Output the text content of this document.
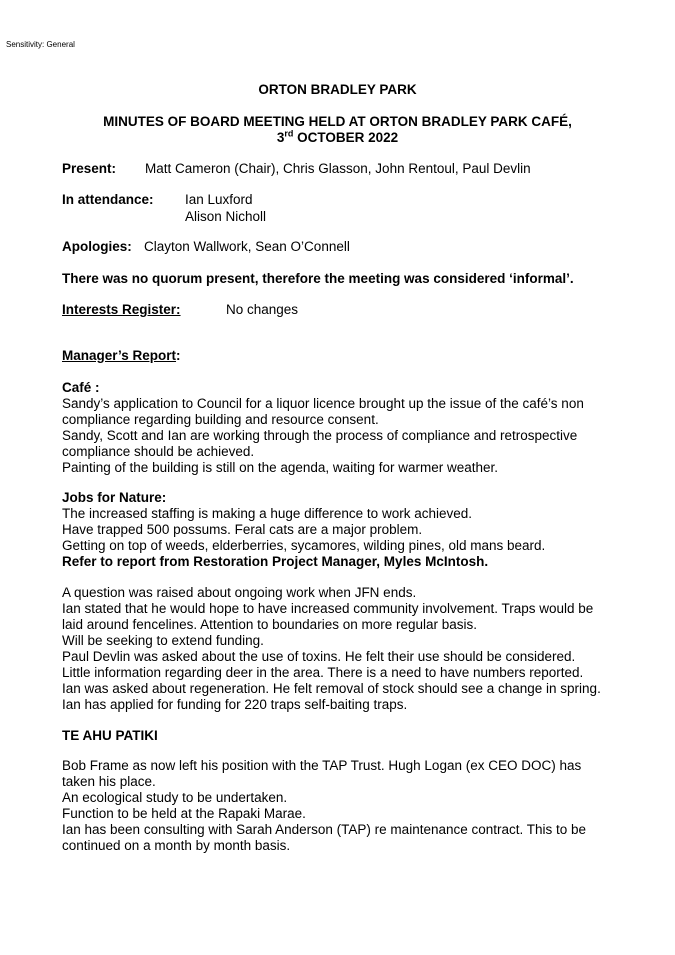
Sensitivity: General
ORTON BRADLEY PARK
MINUTES OF BOARD MEETING HELD AT ORTON BRADLEY PARK CAFÉ,
3rd OCTOBER 2022
Present: Matt Cameron (Chair), Chris Glasson, John Rentoul, Paul Devlin
In attendance: Ian Luxford
Alison Nicholl
Apologies: Clayton Wallwork, Sean O’Connell
There was no quorum present, therefore the meeting was considered ‘informal’.
Interests Register:	No changes
Manager’s Report:
Café :
Sandy’s application to Council for a liquor licence brought up the issue of the café’s non
compliance regarding building and resource consent.
Sandy, Scott and Ian are working through the process of compliance and retrospective
compliance should be achieved.
Painting of the building is still on the agenda, waiting for warmer weather.
Jobs for Nature:
The increased staffing is making a huge difference to work achieved.
Have trapped 500 possums. Feral cats are a major problem.
Getting on top of weeds, elderberries, sycamores, wilding pines, old mans beard.
Refer to report from Restoration Project Manager, Myles McIntosh.
A question was raised about ongoing work when JFN ends.
Ian stated that he would hope to have increased community involvement. Traps would be
laid around fencelines. Attention to boundaries on more regular basis.
Will be seeking to extend funding.
Paul Devlin was asked about the use of toxins. He felt their use should be considered.
Little information regarding deer in the area. There is a need to have numbers reported.
Ian was asked about regeneration. He felt removal of stock should see a change in spring.
Ian has applied for funding for 220 traps self-baiting traps.
TE AHU PATIKI
Bob Frame as now left his position with the TAP Trust. Hugh Logan (ex CEO DOC) has
taken his place.
An ecological study to be undertaken.
Function to be held at the Rapaki Marae.
Ian has been consulting with Sarah Anderson (TAP) re maintenance contract. This to be
continued on a month by month basis.
